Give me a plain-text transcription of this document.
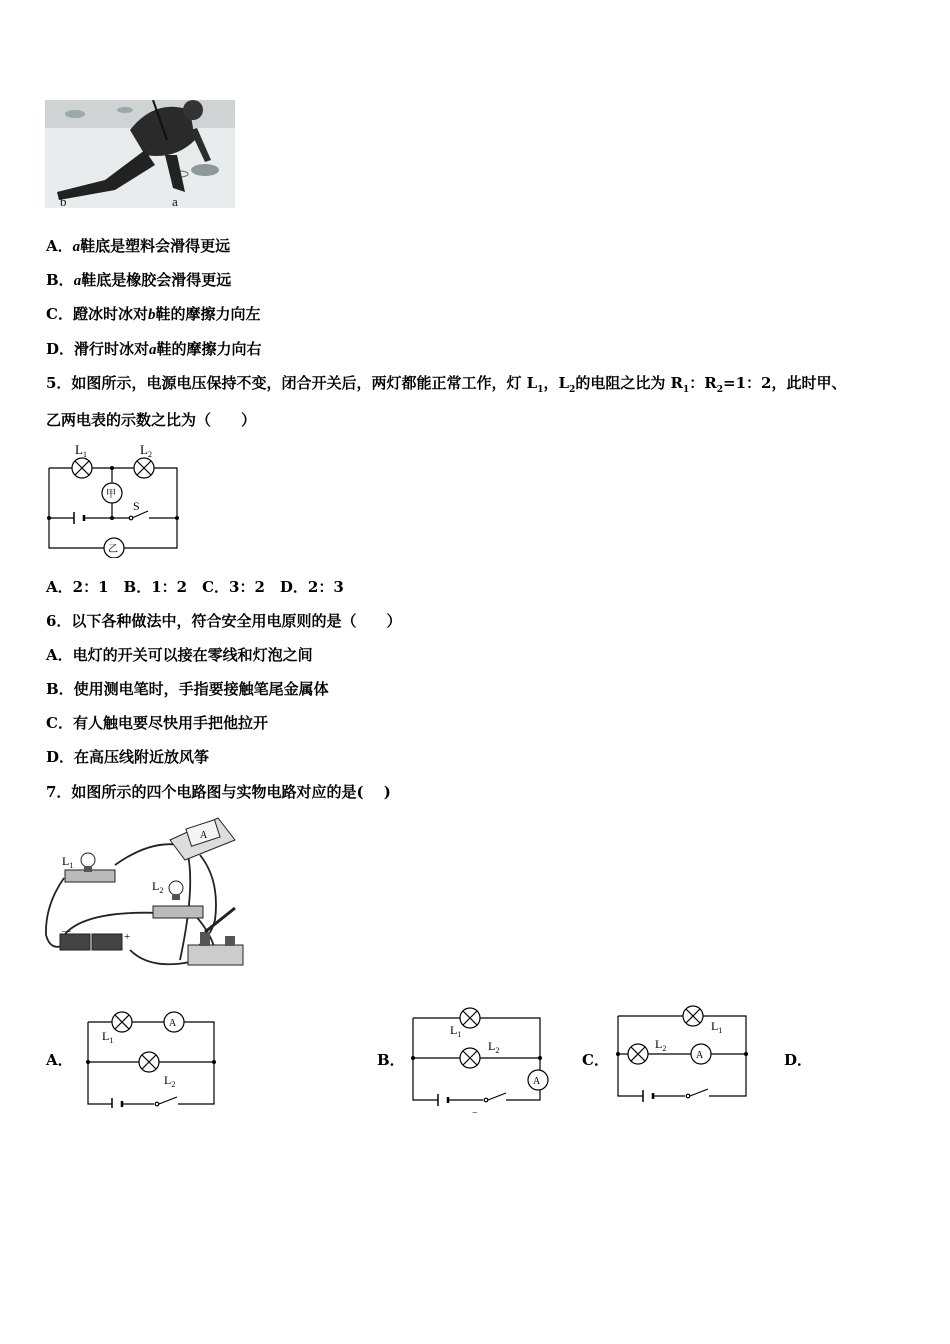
b	a
A．a鞋底是塑料会滑得更远
B．a鞋底是橡胶会滑得更远
C．蹬冰时冰对b鞋的摩擦力向左
D．滑行时冰对a鞋的摩擦力向右
5．如图所示，电源电压保持不变，闭合开关后，两灯都能正常工作，灯 $L_1$，$L_2$的电阻之比为 $R_1$：$R_2=1$：2，此时甲、
乙两电表的示数之比为（　　）
$L_1$	$L_2$
甲
乙
S
A．2：1　B．1：2　C．3：2　D．2：3
6．以下各种做法中，符合安全用电原则的是（　　）
A．电灯的开关可以接在零线和灯泡之间
B．使用测电笔时，手指要接触笔尾金属体
C．有人触电要尽快用手把他拉开
D．在高压线附近放风筝
7．如图所示的四个电路图与实物电路对应的是(　 )
A
$L_1$
$L_2$
—	+
A．	B．	C．	D．
A
$L_1$
$L_2$	A
$L_1$
$L_2$
−
A
$L_1$
$L_2$
